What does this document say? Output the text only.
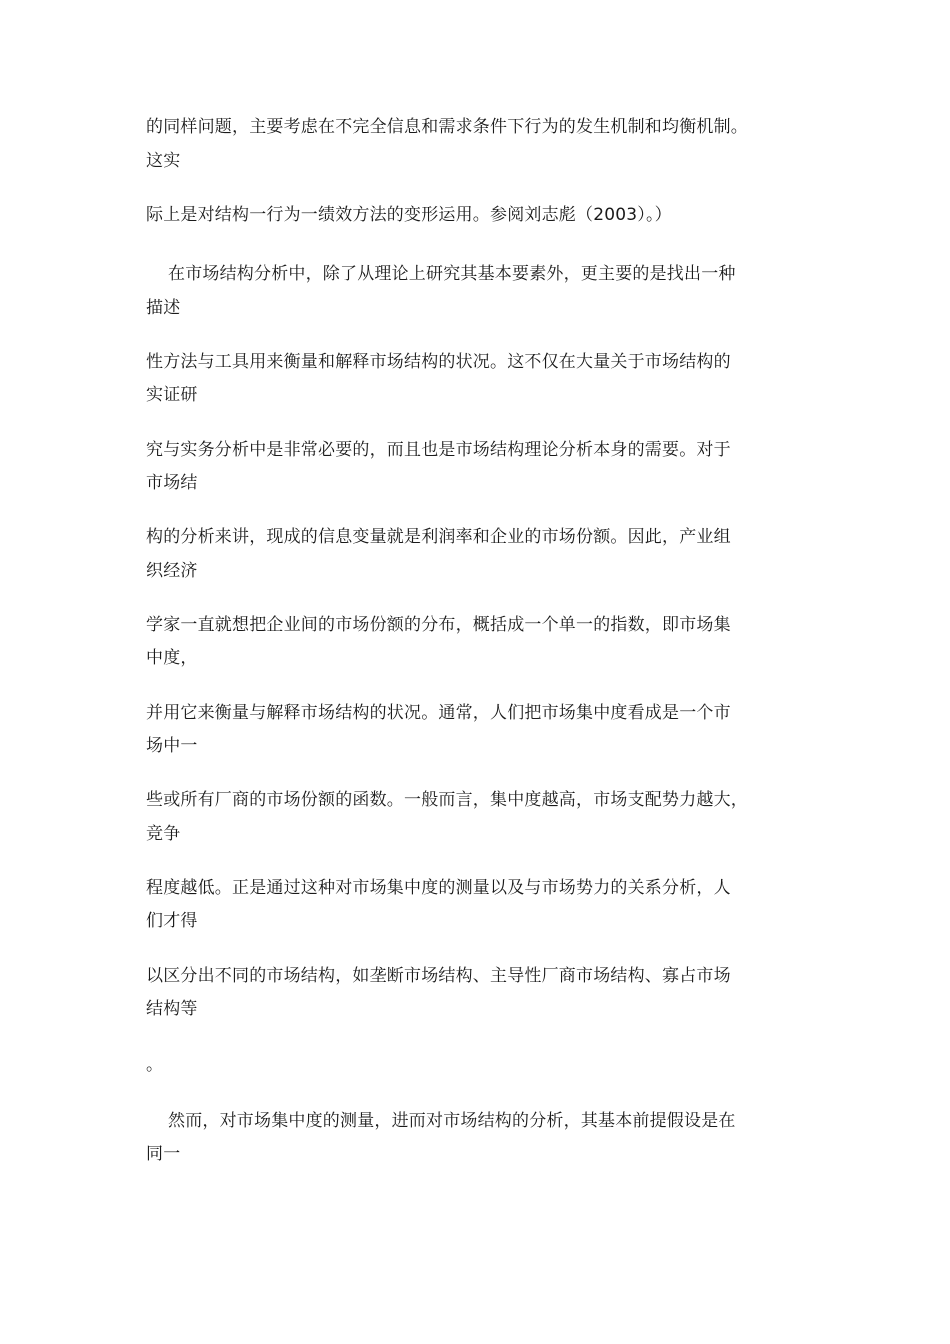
的同样问题，主要考虑在不完全信息和需求条件下行为的发生机制和均衡机制。
这实
际上是对结构一行为一绩效方法的变形运用。参阅刘志彪（2003）。）
在市场结构分析中，除了从理论上研究其基本要素外，更主要的是找出一种
描述
性方法与工具用来衡量和解释市场结构的状况。这不仅在大量关于市场结构的
实证研
究与实务分析中是非常必要的，而且也是市场结构理论分析本身的需要。对于
市场结
构的分析来讲，现成的信息变量就是利润率和企业的市场份额。因此，产业组
织经济
学家一直就想把企业间的市场份额的分布，概括成一个单一的指数，即市场集
中度，
并用它来衡量与解释市场结构的状况。通常，人们把市场集中度看成是一个市
场中一
些或所有厂商的市场份额的函数。一般而言，集中度越高，市场支配势力越大，
竞争
程度越低。正是通过这种对市场集中度的测量以及与市场势力的关系分析，人
们才得
以区分出不同的市场结构，如垄断市场结构、主导性厂商市场结构、寡占市场
结构等
。
然而，对市场集中度的测量，进而对市场结构的分析，其基本前提假设是在
同一
